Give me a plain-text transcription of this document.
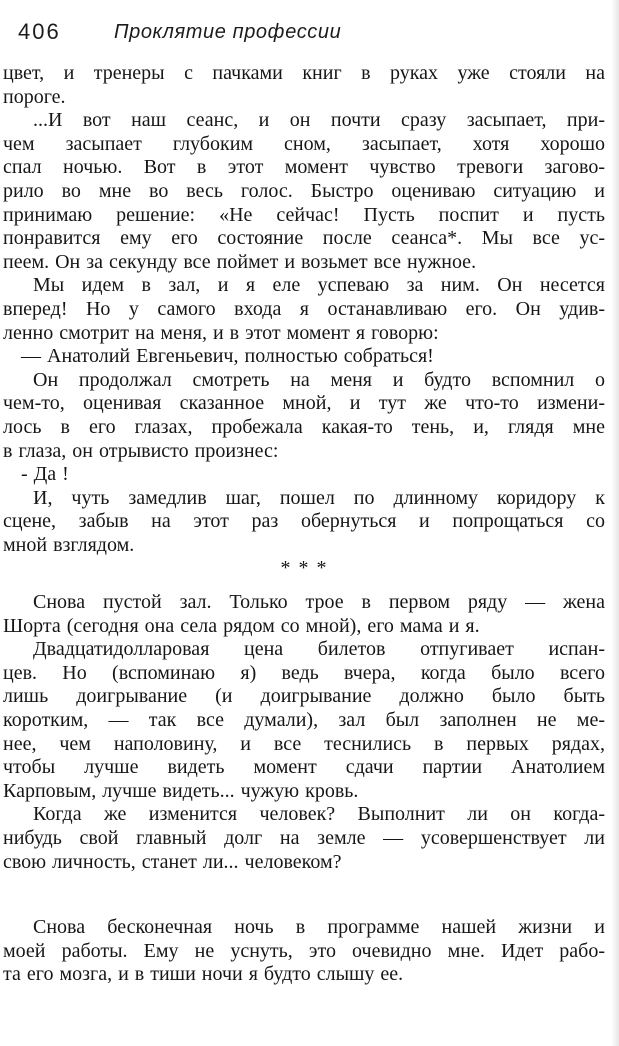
406	Проклятие профессии
цвет, и тренеры с пачками книг в руках уже стояли на
пороге.
...И вот наш сеанс, и он почти сразу засыпает, при-
чем засыпает глубоким сном, засыпает, хотя хорошо
спал ночью. Вот в этот момент чувство тревоги загово-
рило во мне во весь голос. Быстро оцениваю ситуацию и
принимаю решение: «Не сейчас! Пусть поспит и пусть
понравится ему его состояние после сеанса*. Мы все ус-
пеем. Он за секунду все поймет и возьмет все нужное.
Мы идем в зал, и я еле успеваю за ним. Он несется
вперед! Но у самого входа я останавливаю его. Он удив-
ленно смотрит на меня, и в этот момент я говорю:
— Анатолий Евгеньевич, полностью собраться!
Он продолжал смотреть на меня и будто вспомнил о
чем-то, оценивая сказанное мной, и тут же что-то измени-
лось в его глазах, пробежала какая-то тень, и, глядя мне
в глаза, он отрывисто произнес:
- Да !
И, чуть замедлив шаг, пошел по длинному коридору к
сцене, забыв на этот раз обернуться и попрощаться со
мной взглядом.
* * *
Снова пустой зал. Только трое в первом ряду — жена
Шорта (сегодня она села рядом со мной), его мама и я.
Двадцатидолларовая цена билетов отпугивает испан-
цев. Но (вспоминаю я) ведь вчера, когда было всего
лишь доигрывание (и доигрывание должно было быть
коротким, — так все думали), зал был заполнен не ме-
нее, чем наполовину, и все теснились в первых рядах,
чтобы лучше видеть момент сдачи партии Анатолием
Карповым, лучше видеть... чужую кровь.
Когда же изменится человек? Выполнит ли он когда-
нибудь свой главный долг на земле — усовершенствует ли
свою личность, станет ли... человеком?
Снова бесконечная ночь в программе нашей жизни и
моей работы. Ему не уснуть, это очевидно мне. Идет рабо-
та его мозга, и в тиши ночи я будто слышу ее.
